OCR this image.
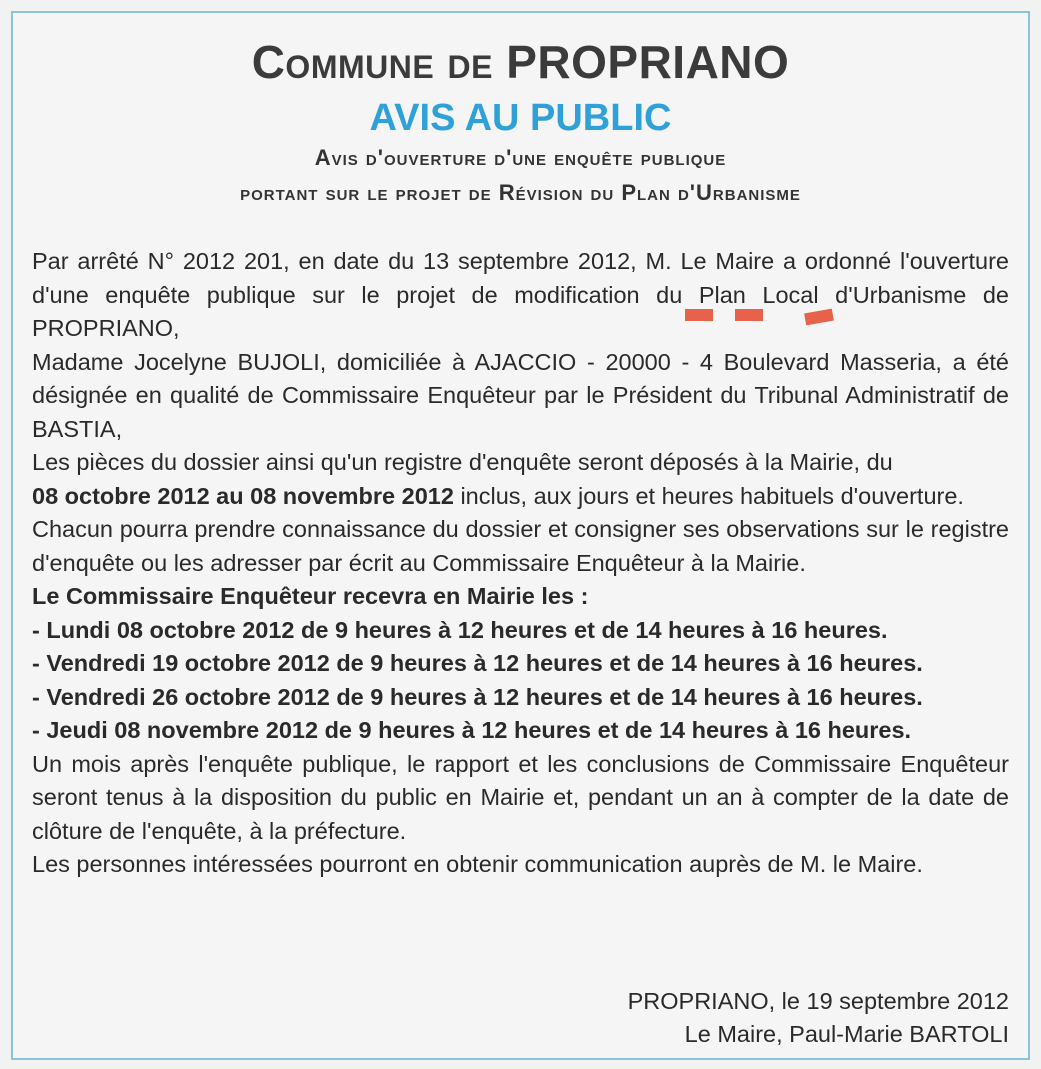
Commune de PROPRIANO
AVIS AU PUBLIC
Avis d'ouverture d'une enquête publique
portant sur le projet de Révision du Plan d'Urbanisme

Par arrêté N° 2012 201, en date du 13 septembre 2012, M. Le Maire a ordonné l'ouverture d'une enquête publique sur le projet de modification du Plan Local d'Urbanisme de PROPRIANO,

Madame Jocelyne BUJOLI, domiciliée à AJACCIO - 20000 - 4 Boulevard Masseria, a été désignée en qualité de Commissaire Enquêteur par le Président du Tribunal Administratif de BASTIA,

Les pièces du dossier ainsi qu'un registre d'enquête seront déposés à la Mairie, du
08 octobre 2012 au 08 novembre 2012 inclus, aux jours et heures habituels d'ouverture.

Chacun pourra prendre connaissance du dossier et consigner ses observations sur le registre d'enquête ou les adresser par écrit au Commissaire Enquêteur à la Mairie.

Le Commissaire Enquêteur recevra en Mairie les :

- Lundi 08 octobre 2012 de 9 heures à 12 heures et de 14 heures à 16 heures.
- Vendredi 19 octobre 2012 de 9 heures à 12 heures et de 14 heures à 16 heures.
- Vendredi 26 octobre 2012 de 9 heures à 12 heures et de 14 heures à 16 heures.
- Jeudi 08 novembre 2012 de 9 heures à 12 heures et de 14 heures à 16 heures.

Un mois après l'enquête publique, le rapport et les conclusions de Commissaire Enquêteur seront tenus à la disposition du public en Mairie et, pendant un an à compter de la date de clôture de l'enquête, à la préfecture.

Les personnes intéressées pourront en obtenir communication auprès de M. le Maire.

PROPRIANO, le 19 septembre 2012
Le Maire, Paul-Marie BARTOLI
